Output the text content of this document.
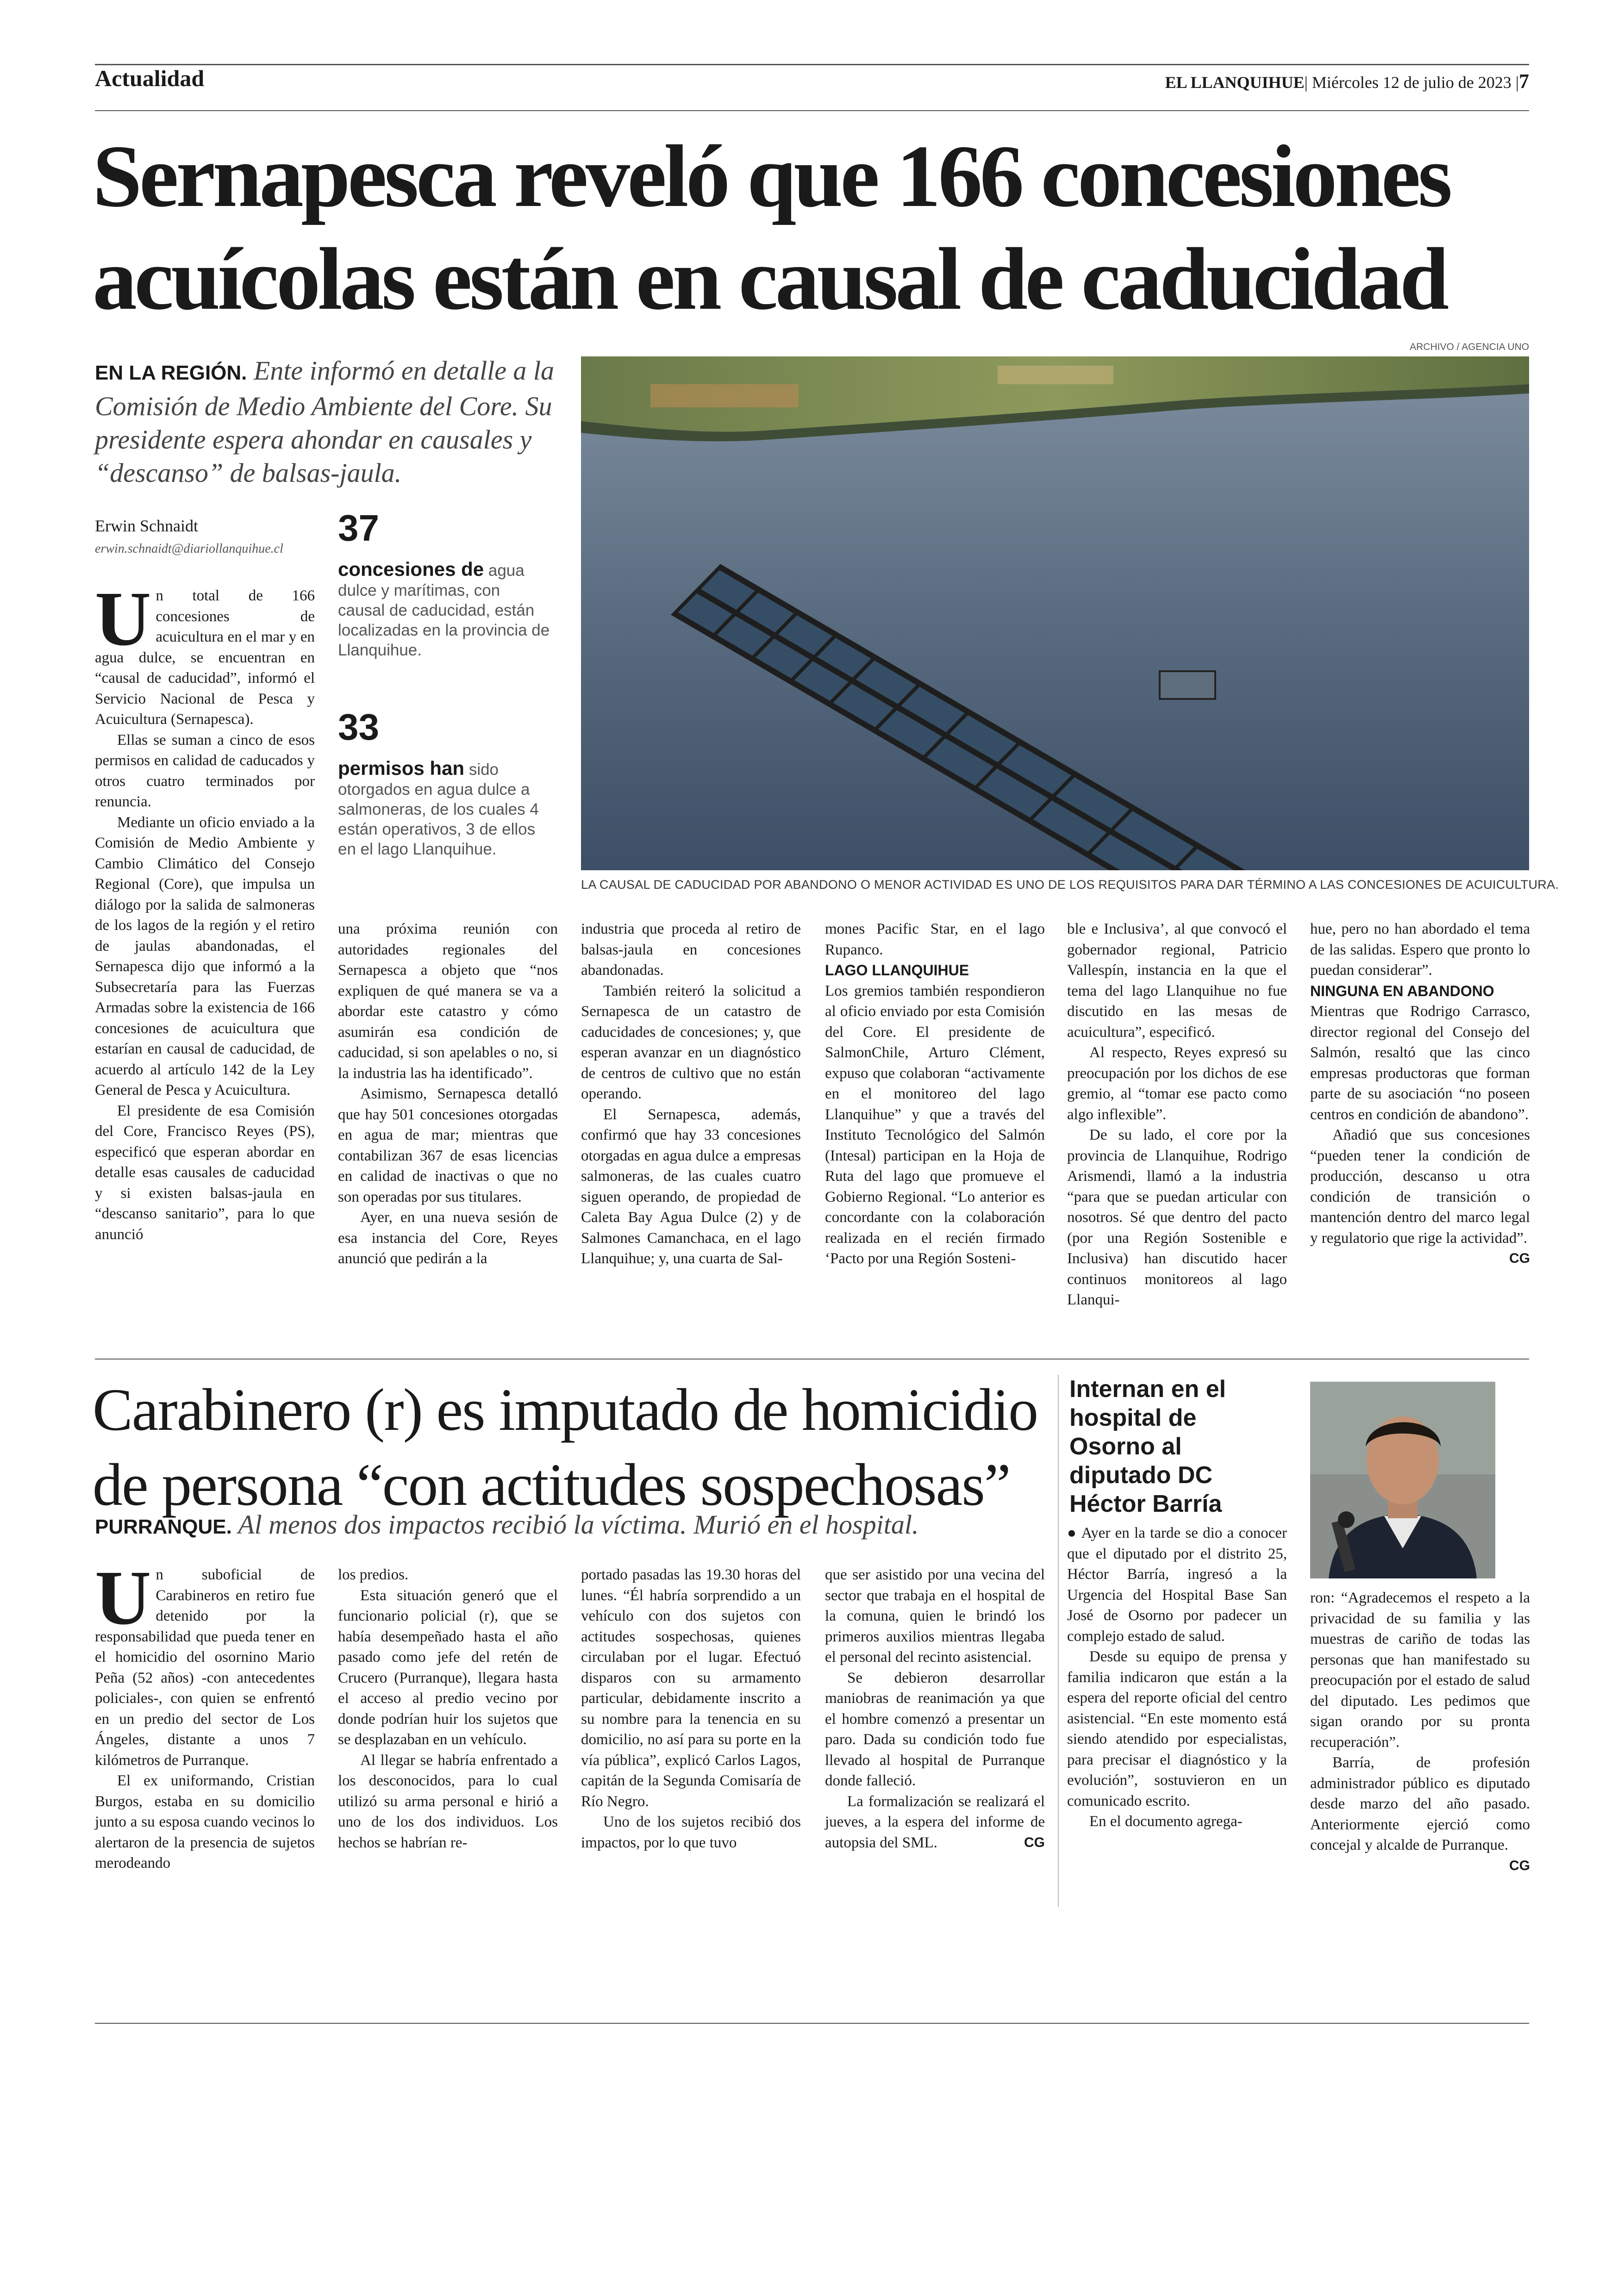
Actualidad	EL LLANQUIHUE| Miércoles 12 de julio de 2023 |7
Sernapesca reveló que 166 concesiones acuícolas están en causal de caducidad
EN LA REGIÓN. Ente informó en detalle a la Comisión de Medio Ambiente del Core. Su presidente espera ahondar en causales y “descanso” de balsas-jaula.
Erwin Schnaidt
erwin.schnaidt@diariollanquihue.cl
37
concesiones de agua dulce y marítimas, con causal de caducidad, están localizadas en la provincia de Llanquihue.
33
permisos han sido otorgados en agua dulce a salmoneras, de los cuales 4 están operativos, 3 de ellos en el lago Llanquihue.
ARCHIVO / AGENCIA UNO
LA CAUSAL DE CADUCIDAD POR ABANDONO O MENOR ACTIVIDAD ES UNO DE LOS REQUISITOS PARA DAR TÉRMINO A LAS CONCESIONES DE ACUICULTURA.

Un total de 166 concesiones de acuicultura en el mar y en agua dulce, se encuentran en “causal de caducidad”, informó el Servicio Nacional de Pesca y Acuicultura (Sernapesca).

Ellas se suman a cinco de esos permisos en calidad de caducados y otros cuatro terminados por renuncia.

Mediante un oficio enviado a la Comisión de Medio Ambiente y Cambio Climático del Consejo Regional (Core), que impulsa un diálogo por la salida de salmoneras de los lagos de la región y el retiro de jaulas abandonadas, el Sernapesca dijo que informó a la Subsecretaría para las Fuerzas Armadas sobre la existencia de 166 concesiones de acuicultura que estarían en causal de caducidad, de acuerdo al artículo 142 de la Ley General de Pesca y Acuicultura.

El presidente de esa Comisión del Core, Francisco Reyes (PS), especificó que esperan abordar en detalle esas causales de caducidad y si existen balsas-jaula en “descanso sanitario”, para lo que anunció

una próxima reunión con autoridades regionales del Sernapesca a objeto que “nos expliquen de qué manera se va a abordar este catastro y cómo asumirán esa condición de caducidad, si son apelables o no, si la industria las ha identificado”.

Asimismo, Sernapesca detalló que hay 501 concesiones otorgadas en agua de mar; mientras que contabilizan 367 de esas licencias en calidad de inactivas o que no son operadas por sus titulares.

Ayer, en una nueva sesión de esa instancia del Core, Reyes anunció que pedirán a la

industria que proceda al retiro de balsas-jaula en concesiones abandonadas.

También reiteró la solicitud a Sernapesca de un catastro de caducidades de concesiones; y, que esperan avanzar en un diagnóstico de centros de cultivo que no están operando.

El Sernapesca, además, confirmó que hay 33 concesiones otorgadas en agua dulce a empresas salmoneras, de las cuales cuatro siguen operando, de propiedad de Caleta Bay Agua Dulce (2) y de Salmones Camanchaca, en el lago Llanquihue; y, una cuarta de Sal-

mones Pacific Star, en el lago Rupanco.

LAGO LLANQUIHUE

Los gremios también respondieron al oficio enviado por esta Comisión del Core. El presidente de SalmonChile, Arturo Clément, expuso que colaboran “activamente en el monitoreo del lago Llanquihue” y que a través del Instituto Tecnológico del Salmón (Intesal) participan en la Hoja de Ruta del lago que promueve el Gobierno Regional. “Lo anterior es concordante con la colaboración realizada en el recién firmado ‘Pacto por una Región Sosteni-

ble e Inclusiva’, al que convocó el gobernador regional, Patricio Vallespín, instancia en la que el tema del lago Llanquihue no fue discutido en las mesas de acuicultura”, especificó.

Al respecto, Reyes expresó su preocupación por los dichos de ese gremio, al “tomar ese pacto como algo inflexible”.

De su lado, el core por la provincia de Llanquihue, Rodrigo Arismendi, llamó a la industria “para que se puedan articular con nosotros. Sé que dentro del pacto (por una Región Sostenible e Inclusiva) han discutido hacer continuos monitoreos al lago Llanqui-

hue, pero no han abordado el tema de las salidas. Espero que pronto lo puedan considerar”.

NINGUNA EN ABANDONO

Mientras que Rodrigo Carrasco, director regional del Consejo del Salmón, resaltó que las cinco empresas productoras que forman parte de su asociación “no poseen centros en condición de abandono”.

Añadió que sus concesiones “pueden tener la condición de producción, descanso u otra condición de transición o mantención dentro del marco legal y regulatorio que rige la actividad”.
CG

Carabinero (r) es imputado de homicidio de persona “con actitudes sospechosas”
PURRANQUE. Al menos dos impactos recibió la víctima. Murió en el hospital.

Un suboficial de Carabineros en retiro fue detenido por la responsabilidad que pueda tener en el homicidio del osornino Mario Peña (52 años) -con antecedentes policiales-, con quien se enfrentó en un predio del sector de Los Ángeles, distante a unos 7 kilómetros de Purranque.

El ex uniformando, Cristian Burgos, estaba en su domicilio junto a su esposa cuando vecinos lo alertaron de la presencia de sujetos merodeando

los predios.

Esta situación generó que el funcionario policial (r), que se había desempeñado hasta el año pasado como jefe del retén de Crucero (Purranque), llegara hasta el acceso al predio vecino por donde podrían huir los sujetos que se desplazaban en un vehículo.

Al llegar se habría enfrentado a los desconocidos, para lo cual utilizó su arma personal e hirió a uno de los dos individuos. Los hechos se habrían re-

portado pasadas las 19.30 horas del lunes. “Él habría sorprendido a un vehículo con dos sujetos con actitudes sospechosas, quienes circulaban por el lugar. Efectuó disparos con su armamento particular, debidamente inscrito a su nombre para la tenencia en su domicilio, no así para su porte en la vía pública”, explicó Carlos Lagos, capitán de la Segunda Comisaría de Río Negro.

Uno de los sujetos recibió dos impactos, por lo que tuvo

que ser asistido por una vecina del sector que trabaja en el hospital de la comuna, quien le brindó los primeros auxilios mientras llegaba el personal del recinto asistencial.

Se debieron desarrollar maniobras de reanimación ya que el hombre comenzó a presentar un paro. Dada su condición todo fue llevado al hospital de Purranque donde falleció.

La formalización se realizará el jueves, a la espera del informe de autopsia del SML.	CG

Internan en el hospital de Osorno al diputado DC Héctor Barría

● Ayer en la tarde se dio a conocer que el diputado por el distrito 25, Héctor Barría, ingresó a la Urgencia del Hospital Base San José de Osorno por padecer un complejo estado de salud.

Desde su equipo de prensa y familia indicaron que están a la espera del reporte oficial del centro asistencial. “En este momento está siendo atendido por especialistas, para precisar el diagnóstico y la evolución”, sostuvieron en un comunicado escrito.

En el documento agrega-

ron: “Agradecemos el respeto a la privacidad de su familia y las muestras de cariño de todas las personas que han manifestado su preocupación por el estado de salud del diputado. Les pedimos que sigan orando por su pronta recuperación”.

Barría, de profesión administrador público es diputado desde marzo del año pasado. Anteriormente ejerció como concejal y alcalde de Purranque.
CG
